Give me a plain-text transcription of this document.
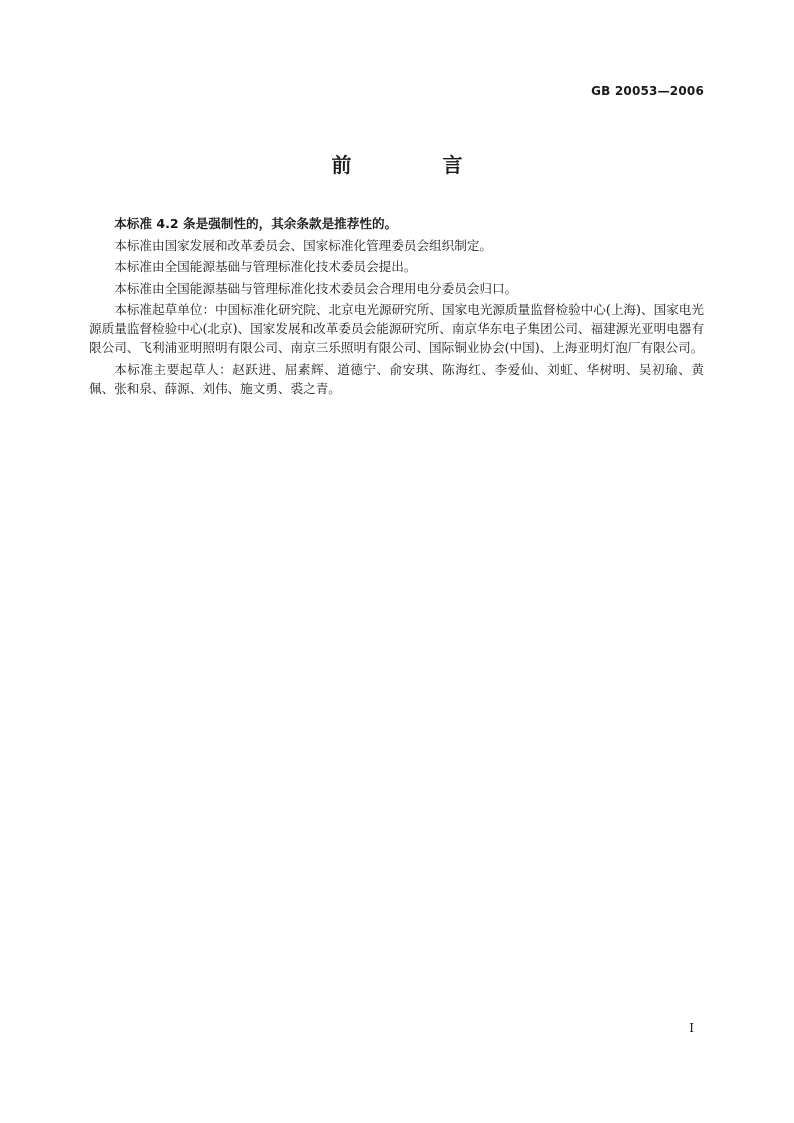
GB 20053—2006
前 言

本标准 4.2 条是强制性的，其余条款是推荐性的。

本标准由国家发展和改革委员会、国家标准化管理委员会组织制定。

本标准由全国能源基础与管理标准化技术委员会提出。

本标准由全国能源基础与管理标准化技术委员会合理用电分委员会归口。

本标准起草单位：中国标准化研究院、北京电光源研究所、国家电光源质量监督检验中心(上海)、国家电光源质量监督检验中心(北京)、国家发展和改革委员会能源研究所、南京华东电子集团公司、福建源光亚明电器有限公司、飞利浦亚明照明有限公司、南京三乐照明有限公司、国际铜业协会(中国)、上海亚明灯泡厂有限公司。

本标准主要起草人：赵跃进、屈素辉、道德宁、俞安琪、陈海红、李爱仙、刘虹、华树明、吴初瑜、黄佩、张和泉、薛源、刘伟、施文勇、裘之青。

I
